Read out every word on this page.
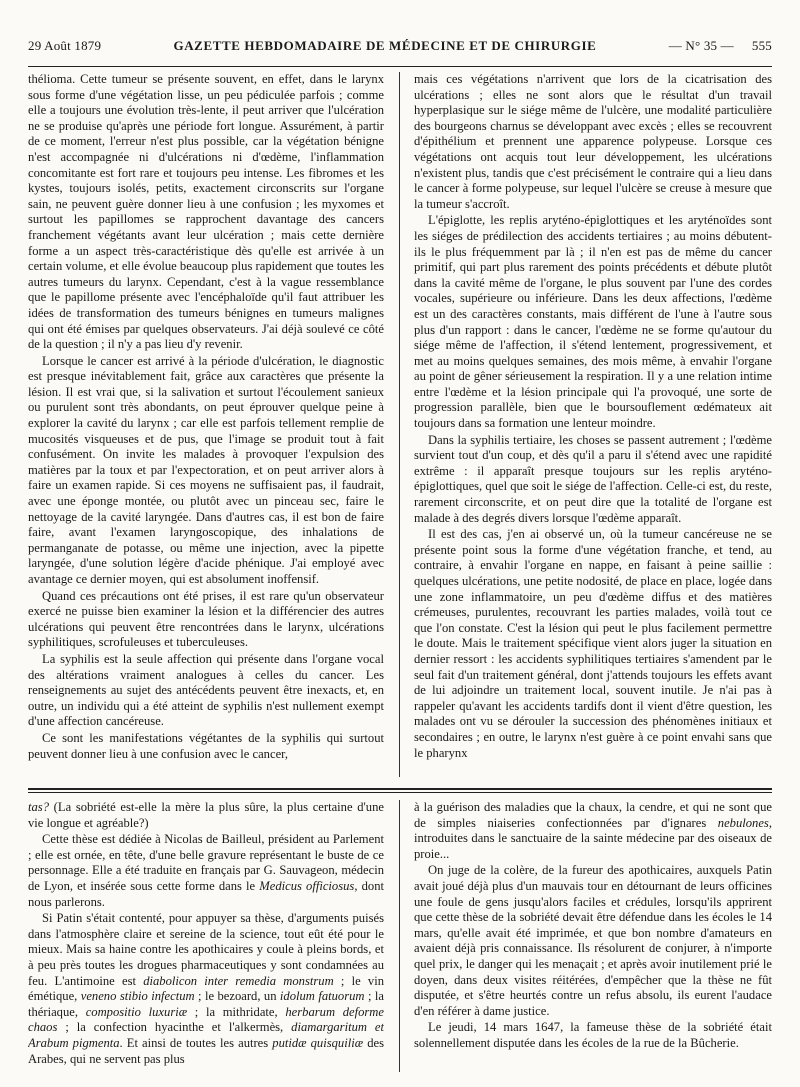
29 Août 1879	GAZETTE HEBDOMADAIRE DE MÉDECINE ET DE CHIRURGIE	— N° 35 — 555

thélioma. Cette tumeur se présente souvent, en effet, dans le larynx sous forme d'une végétation lisse, un peu pédiculée parfois ; comme elle a toujours une évolution très-lente, il peut arriver que l'ulcération ne se produise qu'après une période fort longue. Assurément, à partir de ce moment, l'erreur n'est plus possible, car la végétation bénigne n'est accompagnée ni d'ulcérations ni d'œdème, l'inflammation concomitante est fort rare et toujours peu intense. Les fibromes et les kystes, toujours isolés, petits, exactement circonscrits sur l'organe sain, ne peuvent guère donner lieu à une confusion ; les myxomes et surtout les papillomes se rapprochent davantage des cancers franchement végétants avant leur ulcération ; mais cette dernière forme a un aspect très-caractéristique dès qu'elle est arrivée à un certain volume, et elle évolue beaucoup plus rapidement que toutes les autres tumeurs du larynx. Cependant, c'est à la vague ressemblance que le papillome présente avec l'encéphaloïde qu'il faut attribuer les idées de transformation des tumeurs bénignes en tumeurs malignes qui ont été émises par quelques observateurs. J'ai déjà soulevé ce côté de la question ; il n'y a pas lieu d'y revenir.

Lorsque le cancer est arrivé à la période d'ulcération, le diagnostic est presque inévitablement fait, grâce aux caractères que présente la lésion. Il est vrai que, si la salivation et surtout l'écoulement sanieux ou purulent sont très abondants, on peut éprouver quelque peine à explorer la cavité du larynx ; car elle est parfois tellement remplie de mucosités visqueuses et de pus, que l'image se produit tout à fait confusément. On invite les malades à provoquer l'expulsion des matières par la toux et par l'expectoration, et on peut arriver alors à faire un examen rapide. Si ces moyens ne suffisaient pas, il faudrait, avec une éponge montée, ou plutôt avec un pinceau sec, faire le nettoyage de la cavité laryngée. Dans d'autres cas, il est bon de faire faire, avant l'examen laryngoscopique, des inhalations de permanganate de potasse, ou même une injection, avec la pipette laryngée, d'une solution légère d'acide phénique. J'ai employé avec avantage ce dernier moyen, qui est absolument inoffensif.

Quand ces précautions ont été prises, il est rare qu'un observateur exercé ne puisse bien examiner la lésion et la différencier des autres ulcérations qui peuvent être rencontrées dans le larynx, ulcérations syphilitiques, scrofuleuses et tuberculeuses.

La syphilis est la seule affection qui présente dans l'organe vocal des altérations vraiment analogues à celles du cancer. Les renseignements au sujet des antécédents peuvent être inexacts, et, en outre, un individu qui a été atteint de syphilis n'est nullement exempt d'une affection cancéreuse.

Ce sont les manifestations végétantes de la syphilis qui surtout peuvent donner lieu à une confusion avec le cancer,

mais ces végétations n'arrivent que lors de la cicatrisation des ulcérations ; elles ne sont alors que le résultat d'un travail hyperplasique sur le siége même de l'ulcère, une modalité particulière des bourgeons charnus se développant avec excès ; elles se recouvrent d'épithélium et prennent une apparence polypeuse. Lorsque ces végétations ont acquis tout leur développement, les ulcérations n'existent plus, tandis que c'est précisément le contraire qui a lieu dans le cancer à forme polypeuse, sur lequel l'ulcère se creuse à mesure que la tumeur s'accroît.

L'épiglotte, les replis aryténo-épiglottiques et les aryténoïdes sont les siéges de prédilection des accidents tertiaires ; au moins débutent-ils le plus fréquemment par là ; il n'en est pas de même du cancer primitif, qui part plus rarement des points précédents et débute plutôt dans la cavité même de l'organe, le plus souvent par l'une des cordes vocales, supérieure ou inférieure. Dans les deux affections, l'œdème est un des caractères constants, mais différent de l'une à l'autre sous plus d'un rapport : dans le cancer, l'œdème ne se forme qu'autour du siége même de l'affection, il s'étend lentement, progressivement, et met au moins quelques semaines, des mois même, à envahir l'organe au point de gêner sérieusement la respiration. Il y a une relation intime entre l'œdème et la lésion principale qui l'a provoqué, une sorte de progression parallèle, bien que le boursouflement œdémateux ait toujours dans sa formation une lenteur moindre.

Dans la syphilis tertiaire, les choses se passent autrement ; l'œdème survient tout d'un coup, et dès qu'il a paru il s'étend avec une rapidité extrême : il apparaît presque toujours sur les replis aryténo-épiglottiques, quel que soit le siége de l'affection. Celle-ci est, du reste, rarement circonscrite, et on peut dire que la totalité de l'organe est malade à des degrés divers lorsque l'œdème apparaît.

Il est des cas, j'en ai observé un, où la tumeur cancéreuse ne se présente point sous la forme d'une végétation franche, et tend, au contraire, à envahir l'organe en nappe, en faisant à peine saillie : quelques ulcérations, une petite nodosité, de place en place, logée dans une zone inflammatoire, un peu d'œdème diffus et des matières crémeuses, purulentes, recouvrant les parties malades, voilà tout ce que l'on constate. C'est la lésion qui peut le plus facilement permettre le doute. Mais le traitement spécifique vient alors juger la situation en dernier ressort : les accidents syphilitiques tertiaires s'amendent par le seul fait d'un traitement général, dont j'attends toujours les effets avant de lui adjoindre un traitement local, souvent inutile. Je n'ai pas à rappeler qu'avant les accidents tardifs dont il vient d'être question, les malades ont vu se dérouler la succession des phénomènes initiaux et secondaires ; en outre, le larynx n'est guère à ce point envahi sans que le pharynx

tas? (La sobriété est-elle la mère la plus sûre, la plus certaine d'une vie longue et agréable?)

Cette thèse est dédiée à Nicolas de Bailleul, président au Parlement ; elle est ornée, en tête, d'une belle gravure représentant le buste de ce personnage. Elle a été traduite en français par G. Sauvageon, médecin de Lyon, et insérée sous cette forme dans le Medicus officiosus, dont nous parlerons.

Si Patin s'était contenté, pour appuyer sa thèse, d'arguments puisés dans l'atmosphère claire et sereine de la science, tout eût été pour le mieux. Mais sa haine contre les apothicaires y coule à pleins bords, et à peu près toutes les drogues pharmaceutiques y sont condamnées au feu. L'antimoine est diabolicon inter remedia monstrum ; le vin émétique, veneno stibio infectum ; le bezoard, un idolum fatuorum ; la thériaque, compositio luxuriæ ; la mithridate, herbarum deforme chaos ; la confection hyacinthe et l'alkermès, diamargaritum et Arabum pigmenta. Et ainsi de toutes les autres putidæ quisquiliæ des Arabes, qui ne servent pas plus

à la guérison des maladies que la chaux, la cendre, et qui ne sont que de simples niaiseries confectionnées par d'ignares nebulones, introduites dans le sanctuaire de la sainte médecine par des oiseaux de proie...

On juge de la colère, de la fureur des apothicaires, auxquels Patin avait joué déjà plus d'un mauvais tour en détournant de leurs officines une foule de gens jusqu'alors faciles et crédules, lorsqu'ils apprirent que cette thèse de la sobriété devait être défendue dans les écoles le 14 mars, qu'elle avait été imprimée, et que bon nombre d'amateurs en avaient déjà pris connaissance. Ils résolurent de conjurer, à n'importe quel prix, le danger qui les menaçait ; et après avoir inutilement prié le doyen, dans deux visites réitérées, d'empêcher que la thèse ne fût disputée, et s'être heurtés contre un refus absolu, ils eurent l'audace d'en référer à dame justice.

Le jeudi, 14 mars 1647, la fameuse thèse de la sobriété était solennellement disputée dans les écoles de la rue de la Bûcherie.
